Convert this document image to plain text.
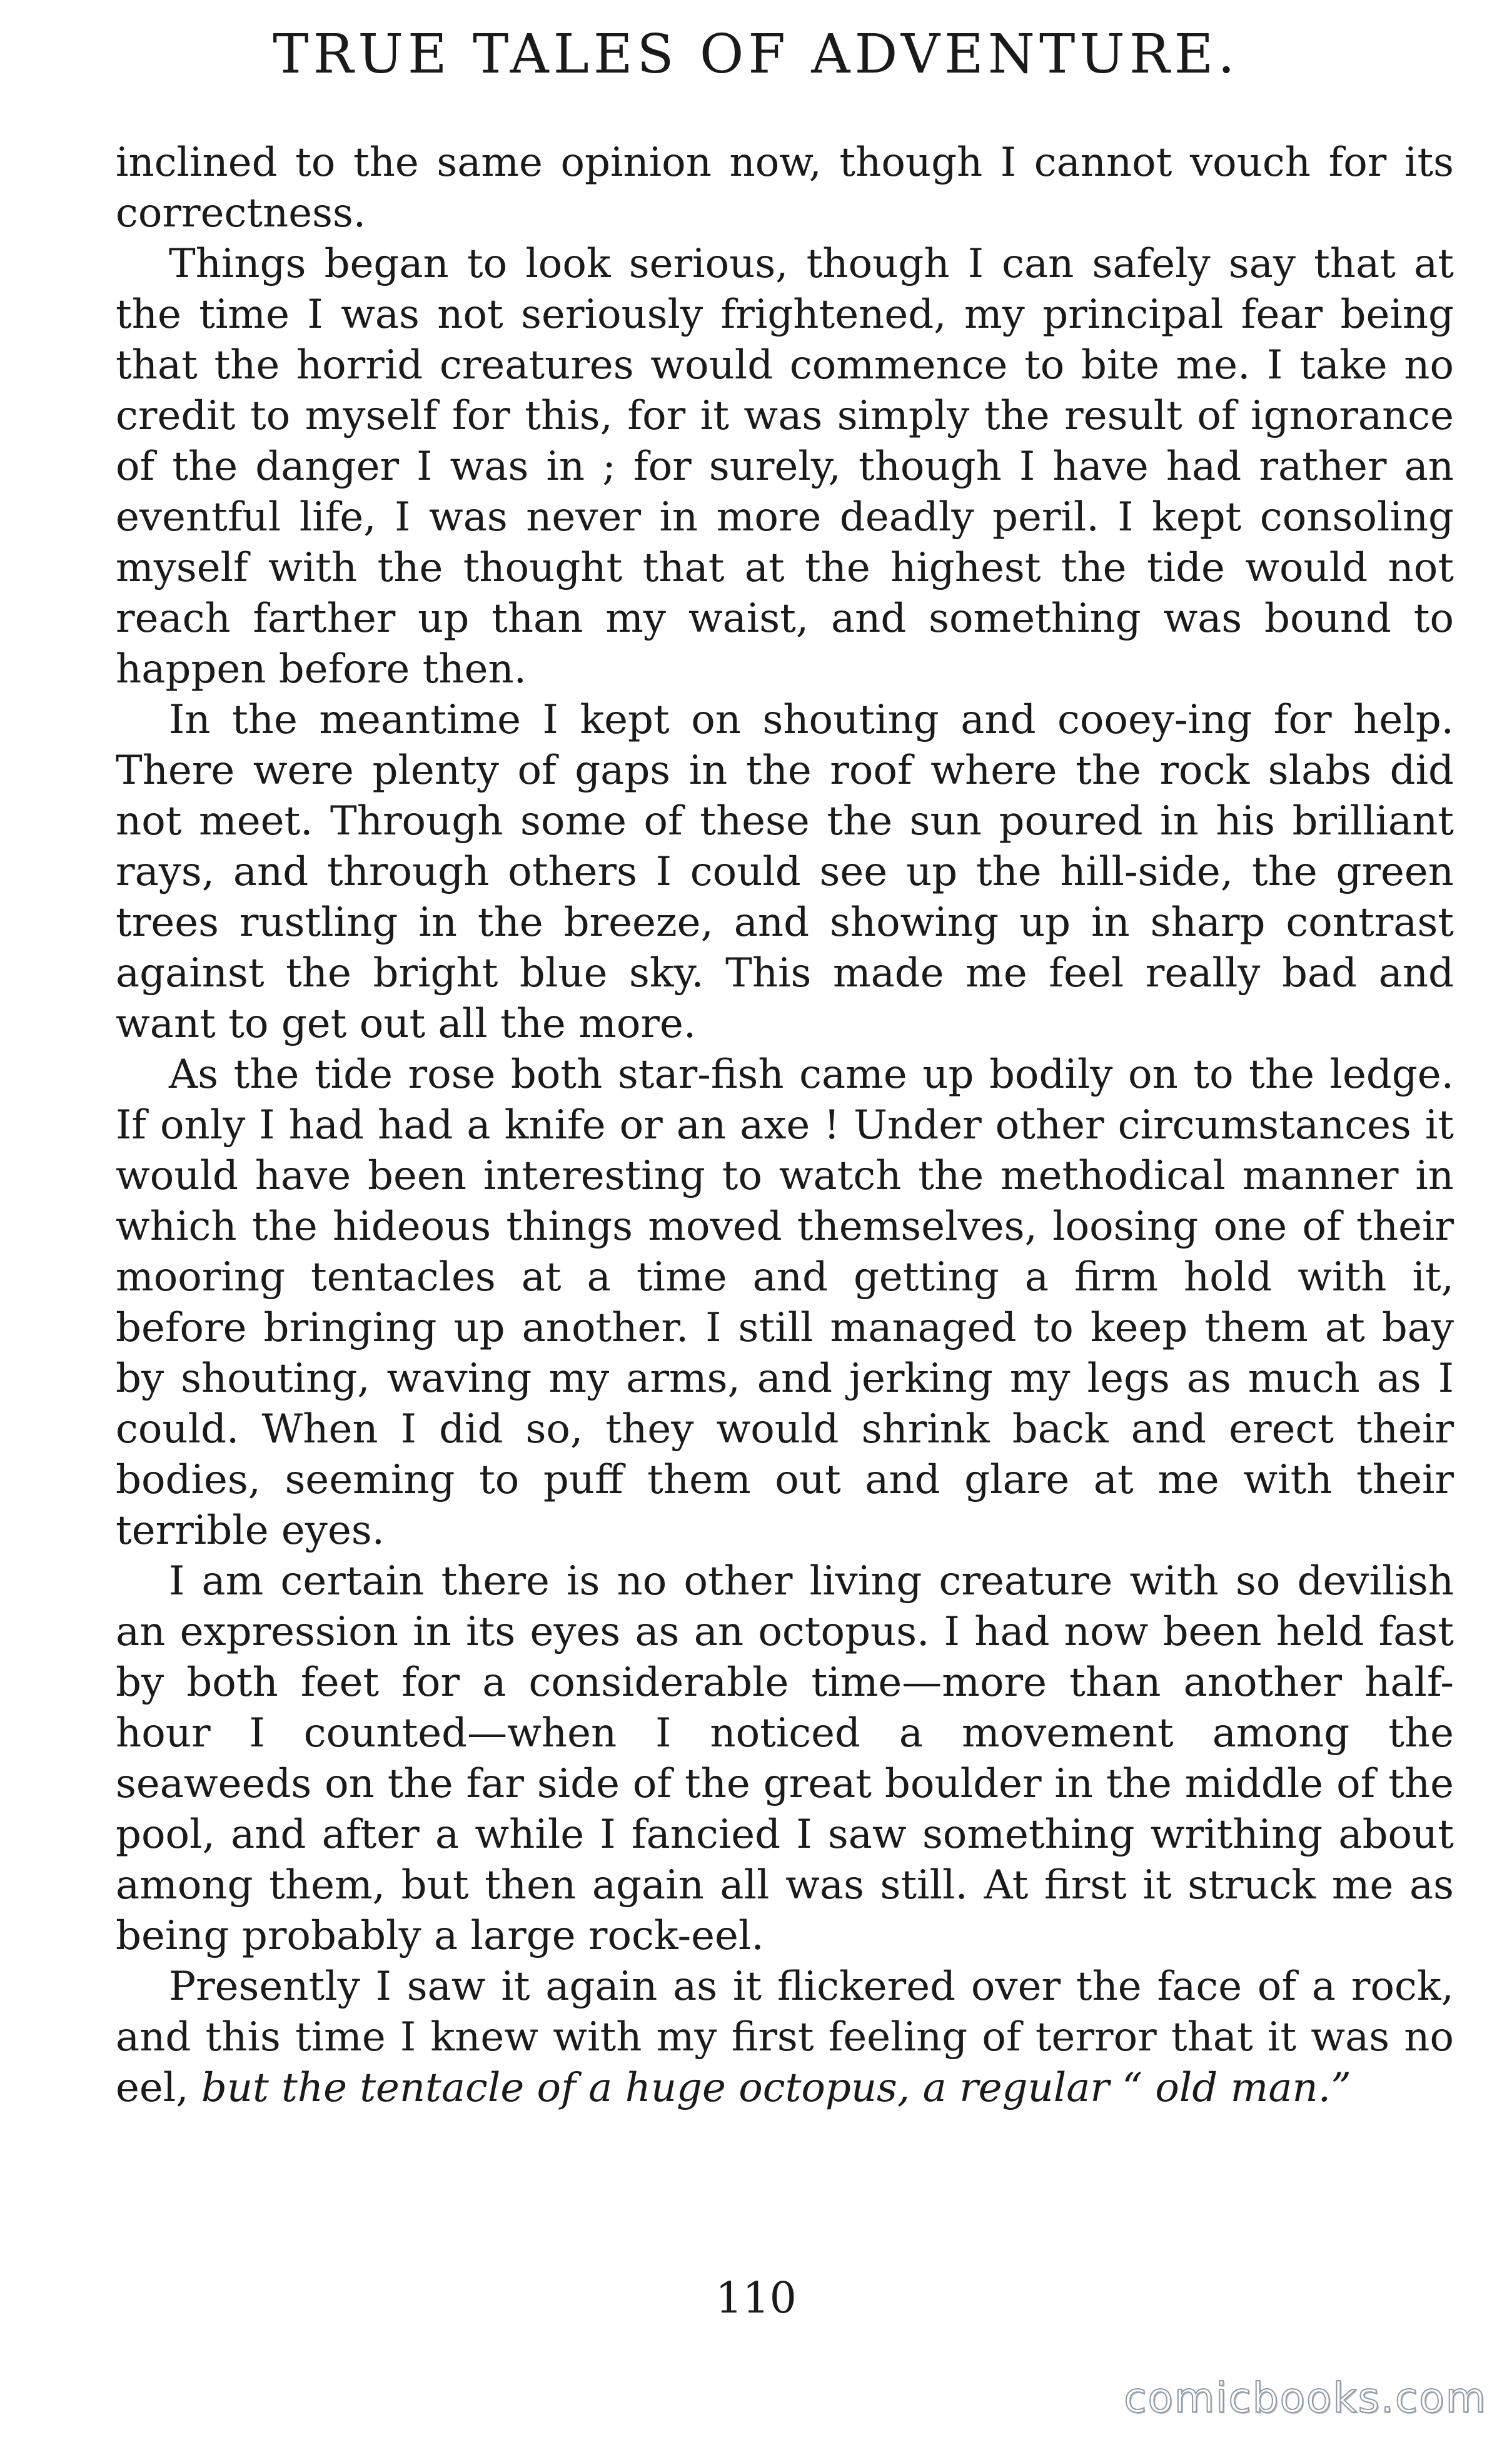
TRUE TALES OF ADVENTURE.

inclined to the same opinion now, though I cannot vouch for its correctness.

Things began to look serious, though I can safely say that at the time I was not seriously frightened, my principal fear being that the horrid creatures would commence to bite me. I take no credit to myself for this, for it was simply the result of ignorance of the danger I was in ; for surely, though I have had rather an eventful life, I was never in more deadly peril. I kept consoling myself with the thought that at the highest the tide would not reach farther up than my waist, and something was bound to happen before then.

In the meantime I kept on shouting and cooey-ing for help. There were plenty of gaps in the roof where the rock slabs did not meet. Through some of these the sun poured in his brilliant rays, and through others I could see up the hill-side, the green trees rustling in the breeze, and showing up in sharp contrast against the bright blue sky. This made me feel really bad and want to get out all the more.

As the tide rose both star-fish came up bodily on to the ledge. If only I had had a knife or an axe ! Under other circumstances it would have been interesting to watch the methodical manner in which the hideous things moved themselves, loosing one of their mooring tentacles at a time and getting a firm hold with it, before bringing up another. I still managed to keep them at bay by shouting, waving my arms, and jerking my legs as much as I could. When I did so, they would shrink back and erect their bodies, seeming to puff them out and glare at me with their terrible eyes.

I am certain there is no other living creature with so devilish an expression in its eyes as an octopus. I had now been held fast by both feet for a considerable time—more than another half-hour I counted—when I noticed a movement among the seaweeds on the far side of the great boulder in the middle of the pool, and after a while I fancied I saw something writhing about among them, but then again all was still. At first it struck me as being probably a large rock-eel.

Presently I saw it again as it flickered over the face of a rock, and this time I knew with my first feeling of terror that it was no eel, but the tentacle of a huge octopus, a regular “ old man.”

110
comicbooks.com
